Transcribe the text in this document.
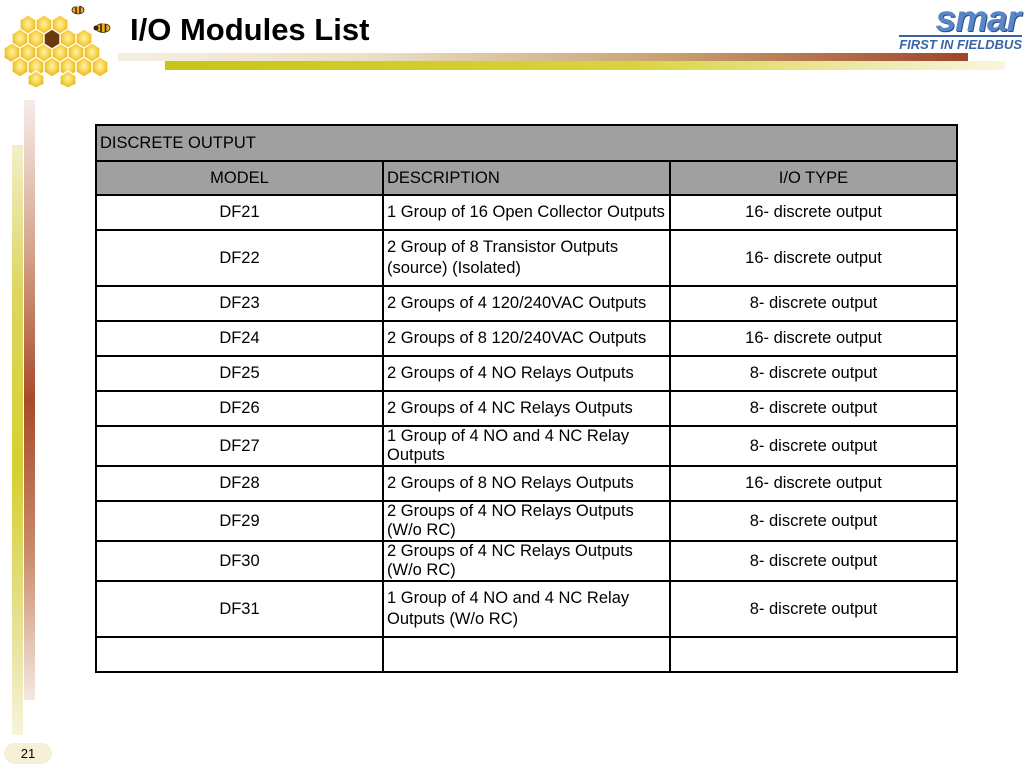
I/O Modules List	smar
FIRST IN FIELDBUS
DISCRETE OUTPUT		
MODEL	DESCRIPTION	I/O TYPE
DF21	1 Group of 16 Open Collector Outputs	16- discrete output
DF22	2 Group of 8 Transistor Outputs (source) (Isolated)	16- discrete output
DF23	2 Groups of 4 120/240VAC Outputs	8- discrete output
DF24	2 Groups of 8 120/240VAC Outputs	16- discrete output
DF25	2 Groups of 4 NO Relays Outputs	8- discrete output
DF26	2 Groups of 4 NC Relays Outputs	8- discrete output
DF27	1 Group of 4 NO and 4 NC Relay Outputs	8- discrete output
DF28	2 Groups of 8 NO Relays Outputs	16- discrete output
DF29	2 Groups of 4 NO Relays Outputs (W/o RC)	8- discrete output
DF30	2 Groups of 4 NC Relays Outputs (W/o RC)	8- discrete output
DF31	1 Group of 4 NO and 4 NC Relay Outputs (W/o RC)	8- discrete output

21
